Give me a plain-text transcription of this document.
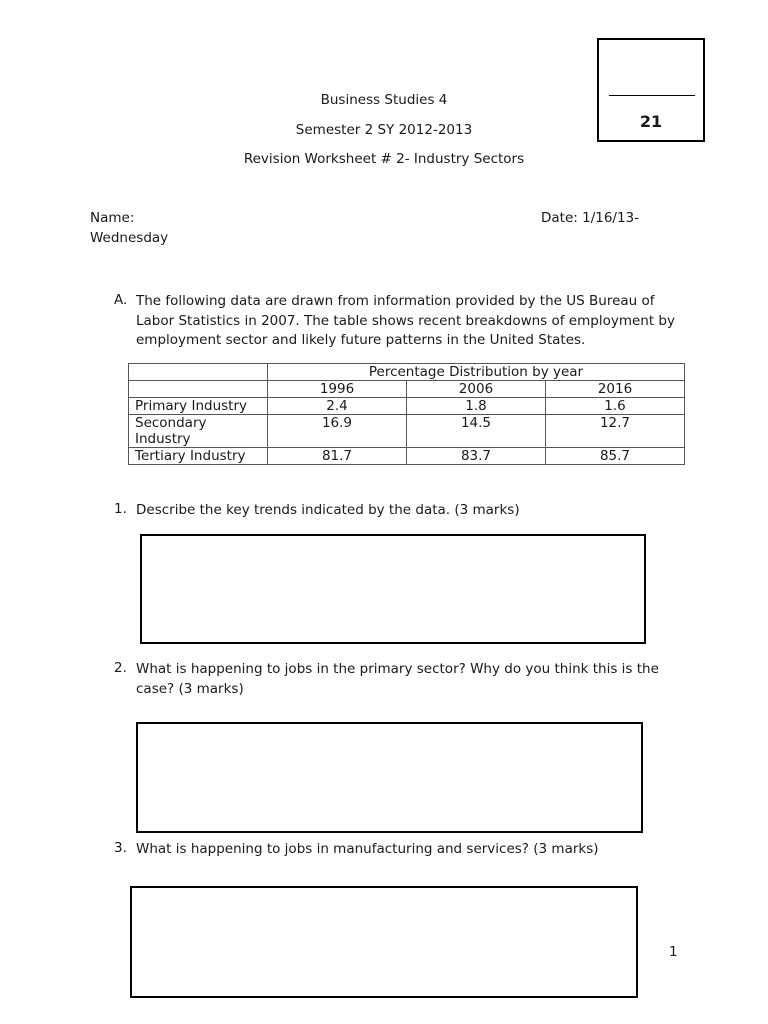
21
Business Studies 4
Semester 2 SY 2012-2013
Revision Worksheet # 2- Industry Sectors
Name:	Date: 1/16/13-
Wednesday
A. The following data are drawn from information provided by the US Bureau of Labor Statistics in 2007. The table shows recent breakdowns of employment by employment sector and likely future patterns in the United States.
	Percentage Distribution by year		
	1996	2006	2016
Primary Industry	2.4	1.8	1.6
Secondary Industry	16.9	14.5	12.7
Tertiary Industry	81.7	83.7	85.7
1. Describe the key trends indicated by the data. (3 marks)
2. What is happening to jobs in the primary sector? Why do you think this is the case? (3 marks)
3. What is happening to jobs in manufacturing and services? (3 marks)
1
